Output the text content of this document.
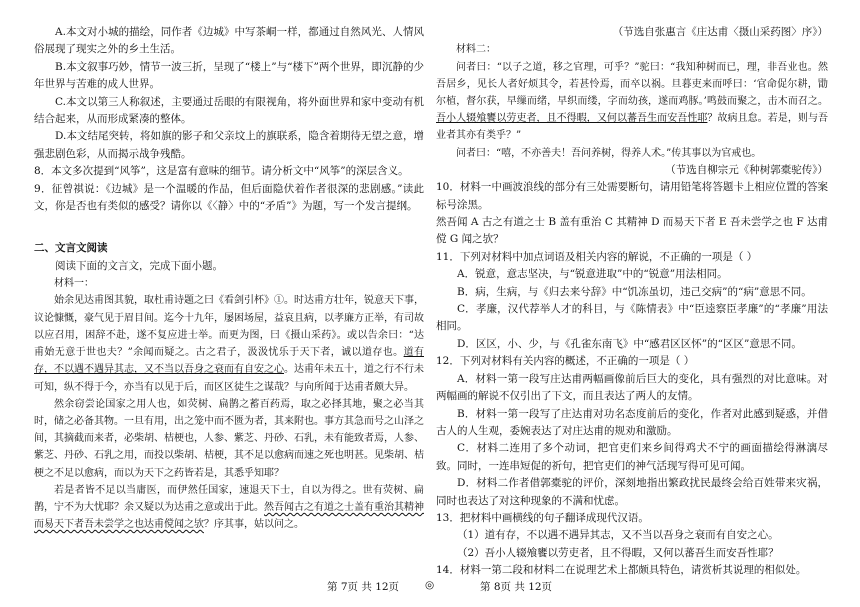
A.本文对小城的描绘，同作者《边城》中写茶峒一样，都通过自然风光、人情风俗展现了现实之外的乡土生活。

B.本文叙事巧妙，情节一波三折，呈现了“楼上”与“楼下”两个世界，即沉静的少年世界与苦难的成人世界。

C.本文以第三人称叙述，主要通过岳眼的有限视角，将外面世界和家中变动有机结合起来，从而形成紧凑的整体。

D.本文结尾突转，将如旗的影子和父亲坟上的旗联系，隐含着期待无望之意，增强悲剧色彩，从而揭示战争残酷。

8．本文多次提到“风筝”，这是富有意味的细节。请分析文中“风筝”的深层含义。

9．征曾祺说：《边城》是一个温暖的作品，但后面隐伏着作者很深的悲剧感。”读此文，你是否也有类似的感受？请你以《〈静〉中的“矛盾”》为题，写一个发言提纲。

二、文言文阅读

阅读下面的文言文，完成下面小题。

材料一：

始余见达甫图其貌，取杜甫诗题之曰《看剑引杯》①。时达甫方壮年，锐意天下事，议论慷慨，豪气见于眉目间。迄今十九年，屡困场屋，益哀且病，以孝廉方正举，有司故以应召用，困辞不赴，遂不复应进士举。而更为图，曰《摄山采药》。或以告余曰：“达甫始无意于世也夫？”余闻而疑之。古之君子，汲汲忧乐于天下者，诚以道存也。道有存，不以遇不遇异其志，又不当以吾身之衰而有自安之心。达甫年未五十，道之行不行未可知，纵不得于今，亦当有以见于后，而区区徒生之谋哉？与向所闻于达甫者颇大异。

然余窃尝论国家之用人也，如荧树、扁鹊之蓄百药焉，取之必择其地，聚之必当其时，储之必备其物。一旦有用，出之笼中而不匮为者，其来附也。事方其急而号之山泽之间，其摘截而来者，必柴胡、桔梗也，人参、紫芝、丹砂、石乳，未有能致者焉，人参、紫芝、丹砂、石乳之用，而投以柴胡、桔梗，其不足以愈病而速之死也明甚。见柴胡、桔梗之不足以愈病，而以为天下之药皆若是，其悉乎知耶？

若是者皆不足以当庸医，而伊然任国家，速退天下士，自以为得之。世有荧树、扁鹊，宁不为大忧耶？余又疑以为达甫之意或出于此。然吾闻古之有道之士盖有重治其精神而易天下者吾未尝学之也达甫傥闻之欤？序其事，姑以问之。

（节选自张惠言《庄达甫〈摄山采药图〉序》）

材料二：

问者曰：“以子之道，移之官理，可乎？”驼曰：“我知种树而已，理，非吾业也。然吾居乡，见长人者好烦其令，若甚怜焉，而卒以祸。旦暮吏来而呼曰：‘官命促尔耕，勖尔植，督尔获，早缫而绪，早织而缕，字而幼孩，遂而鸡豚。’鸣鼓而聚之，击木而召之。吾小人辍飧饔以劳吏者，且不得暇，又何以蕃吾生而安吾性耶？故病且怠。若是，则与吾业者其亦有类乎？”

问者曰：“嘻，不亦善夫！吾问养树，得养人术。”传其事以为官戒也。

（节选自柳宗元《种树郭橐驼传》）

10．材料一中画波浪线的部分有三处需要断句，请用铅笔将答题卡上相应位置的答案标号涂黑。

然吾闻 A 古之有道之士 B 盖有重治 C 其精神 D 而易天下者 E 吾未尝学之也 F 达甫傥 G 闻之欤？

11．下列对材料中加点词语及相关内容的解说，不正确的一项是（ ）

A．锐意，意志坚决，与“锐意进取”中的“锐意”用法相同。

B．病，生病，与《归去来兮辞》中“饥冻虽切，违己交病”的“病”意思不同。

C．孝廉，汉代荐举人才的科目，与《陈情表》中“臣逵察臣孝廉”的“孝廉”用法相同。

D．区区，小、少，与《孔雀东南飞》中“感君区区怀”的“区区”意思不同。

12．下列对材料有关内容的概述，不正确的一项是（ ）

A．材料一第一段写庄达甫两幅画像前后巨大的变化，具有强烈的对比意味。对两幅画的解说不仅引出了下文，而且表达了两人的友情。

B．材料一第一段写了庄达甫对功名态度前后的变化，作者对此感到疑惑，并借古人的人生观，委婉表达了对庄达甫的规劝和激励。

C．材料二连用了多个动词，把官吏们来乡间得鸡犬不宁的画面描绘得淋漓尽致。同时，一连串短促的祈句，把官吏们的神气活现写得可见可闻。

D．材料二作者借郭橐驼的评价，深刻地指出繁政扰民最终会给百姓带来灾祸，同时也表达了对这种现象的不满和忧虑。

13．把材料中画横线的句子翻译成现代汉语。

（1）道有存，不以遇不遇异其志，又不当以吾身之衰而有自安之心。

（2）吾小人辍飧饔以劳吏者，且不得暇，又何以蕃吾生而安吾性耶？

14．材料一第二段和材料二在说理艺术上都颇具特色，请赏析其说理的相似处。

第 7页 共 12页 ◎	第 8页 共 12页
